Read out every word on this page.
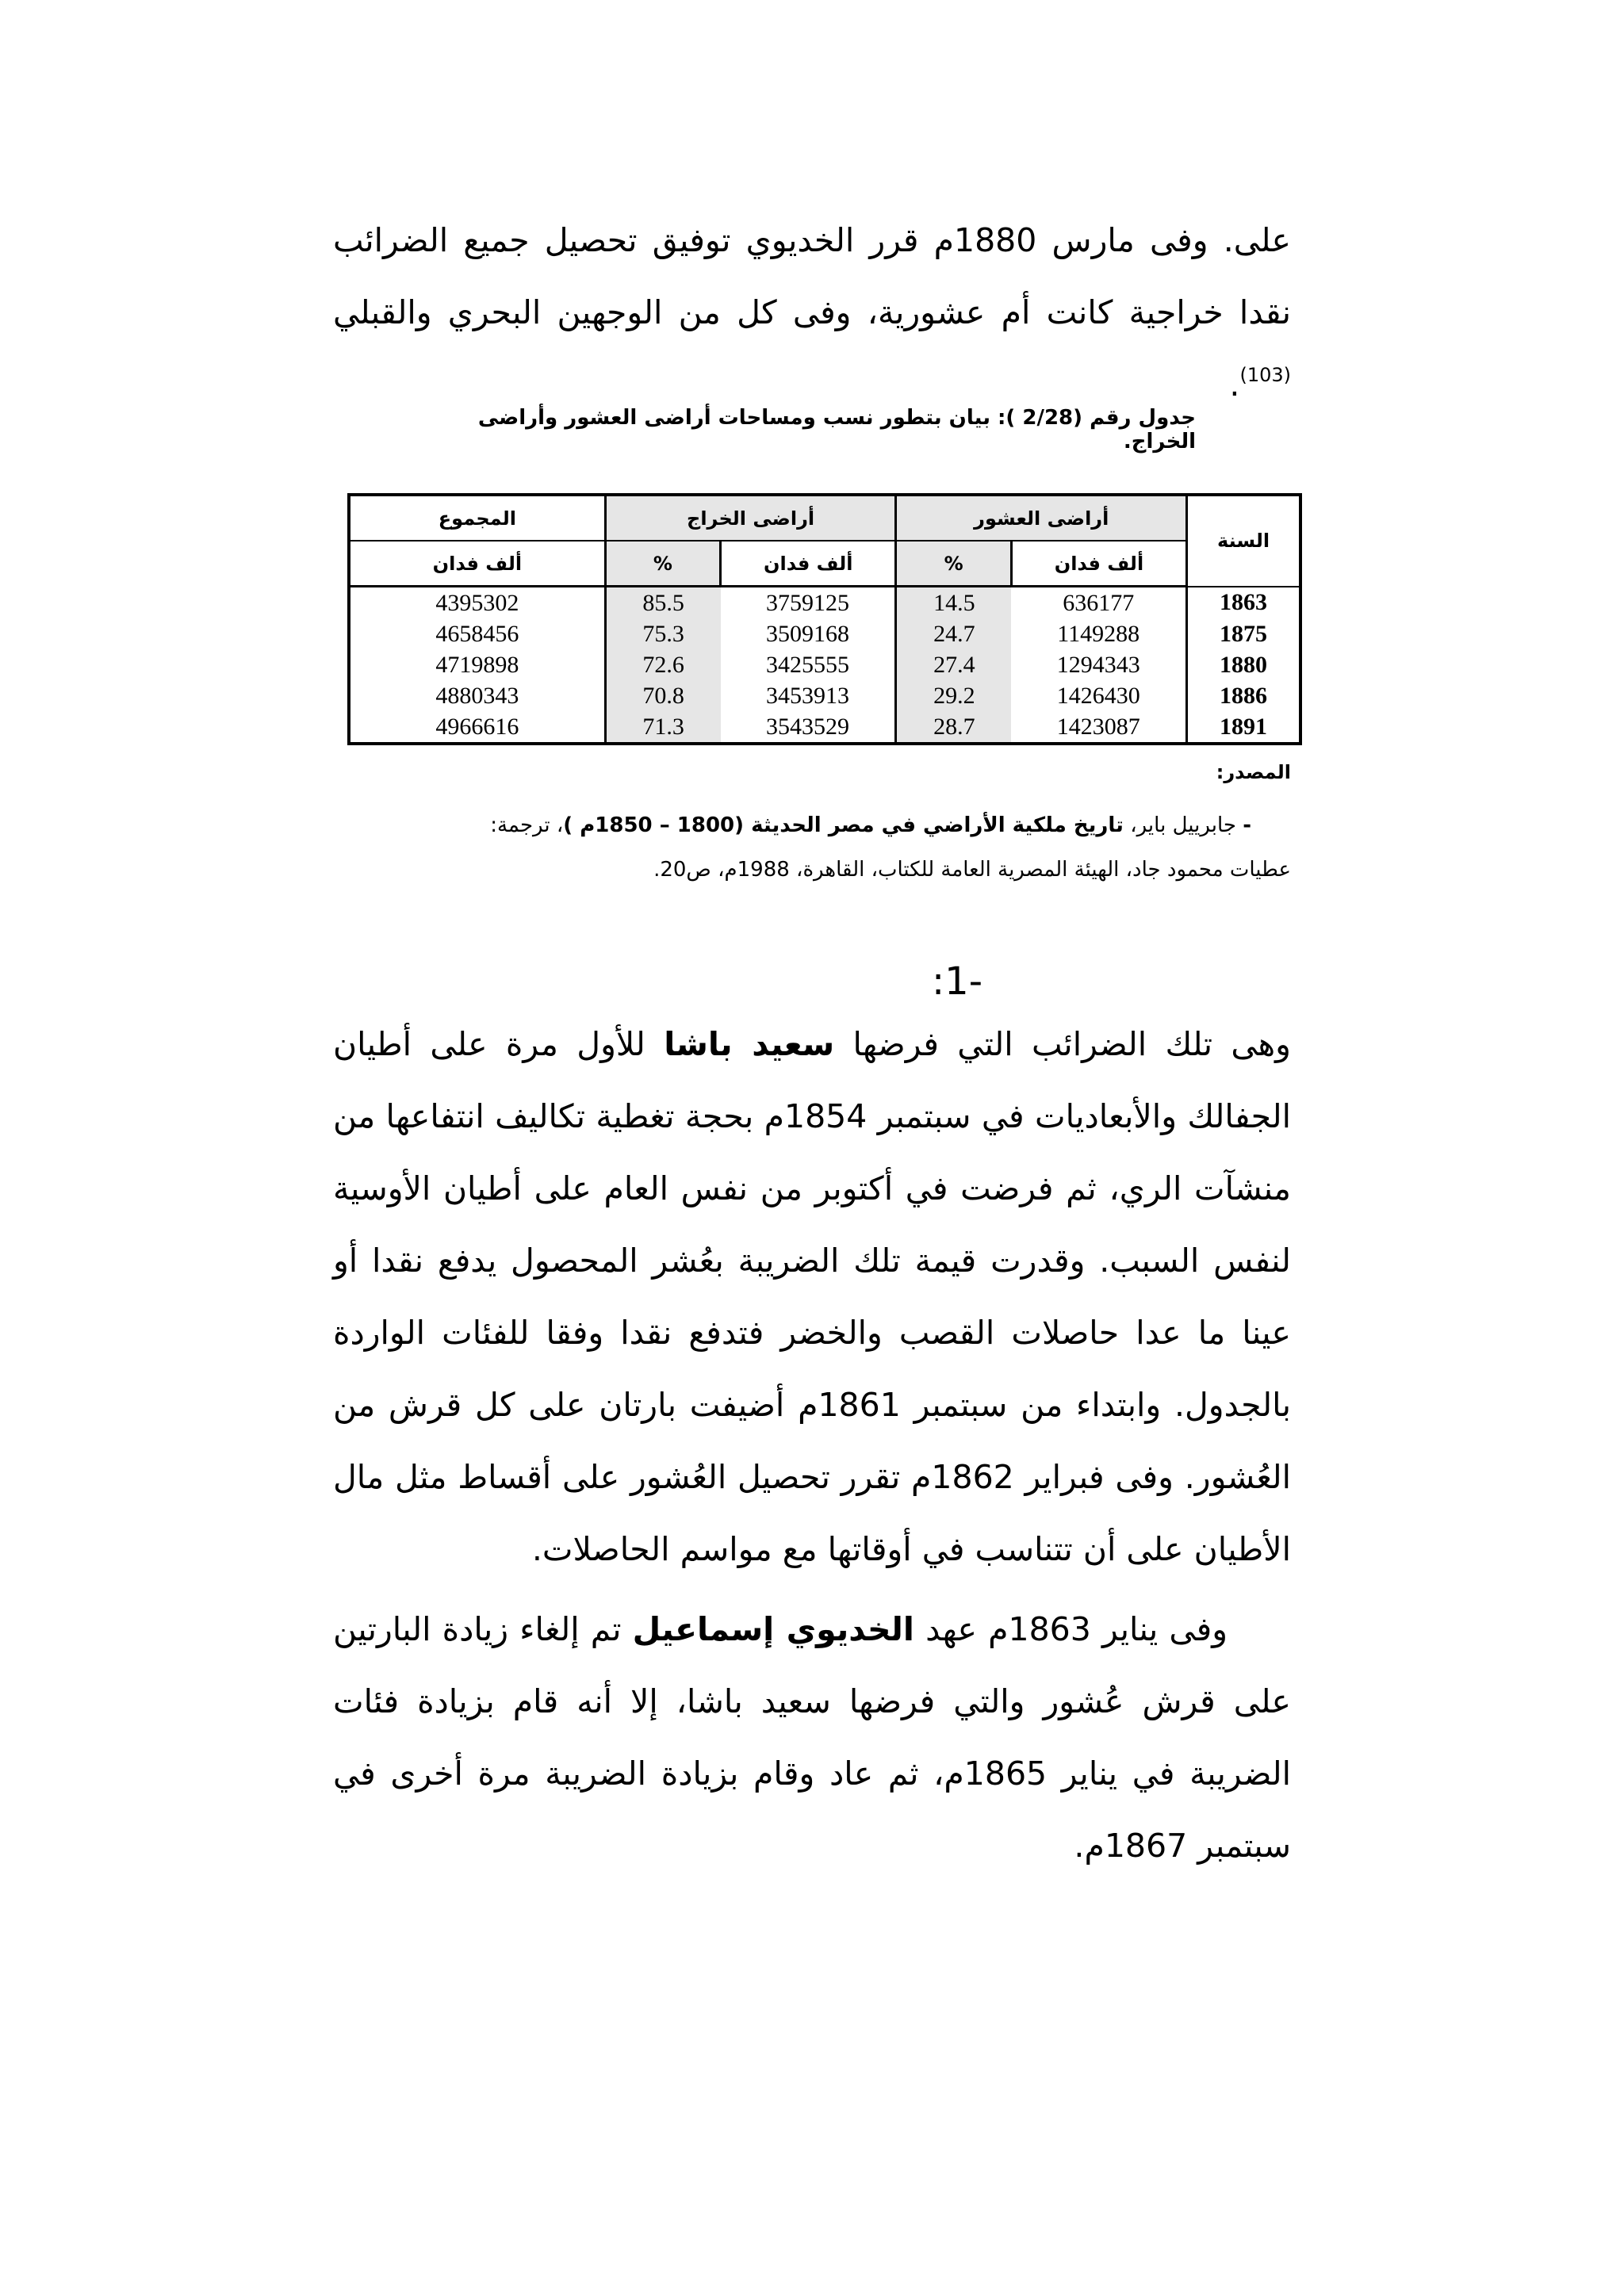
على. وفى مارس 1880م قرر الخديوي توفيق تحصيل جميع الضرائب نقدا خراجية كانت أم عشورية، وفى كل من الوجهين البحري والقبلي $^{(103)}$.

جدول رقم (2/28 ): بيان بتطور نسب ومساحات أراضى العشور وأراضى الخراج.

السنة	أراضى العشور		أراضى الخراج		المجموع
	ألف فدان	%	ألف فدان	%	ألف فدان
1863	636177	14.5	3759125	85.5	4395302
1875	1149288	24.7	3509168	75.3	4658456
1880	1294343	27.4	3425555	72.6	4719898
1886	1426430	29.2	3453913	70.8	4880343
1891	1423087	28.7	3543529	71.3	4966616

المصدر:

- جابرييل باير، تاريخ ملكية الأراضي في مصر الحديثة (1800 – 1850م )، ترجمة:

عطيات محمود جاد، الهيئة المصرية العامة للكتاب، القاهرة، 1988م، ص20.

:1-

وهى تلك الضرائب التي فرضها سعيد باشا للأول مرة على أطيان الجفالك والأبعاديات في سبتمبر 1854م بحجة تغطية تكاليف انتفاعها من منشآت الري، ثم فرضت في أكتوبر من نفس العام على أطيان الأوسية لنفس السبب. وقدرت قيمة تلك الضريبة بعُشر المحصول يدفع نقدا أو عينا ما عدا حاصلات القصب والخضر فتدفع نقدا وفقا للفئات الواردة بالجدول. وابتداء من سبتمبر 1861م أضيفت بارتان على كل قرش من العُشور. وفى فبراير 1862م تقرر تحصيل العُشور على أقساط مثل مال الأطيان على أن تتناسب في أوقاتها مع مواسم الحاصلات.

وفى يناير 1863م عهد الخديوي إسماعيل تم إلغاء زيادة البارتين على قرش عُشور والتي فرضها سعيد باشا، إلا أنه قام بزيادة فئات الضريبة في يناير 1865م، ثم عاد وقام بزيادة الضريبة مرة أخرى في سبتمبر 1867م.
